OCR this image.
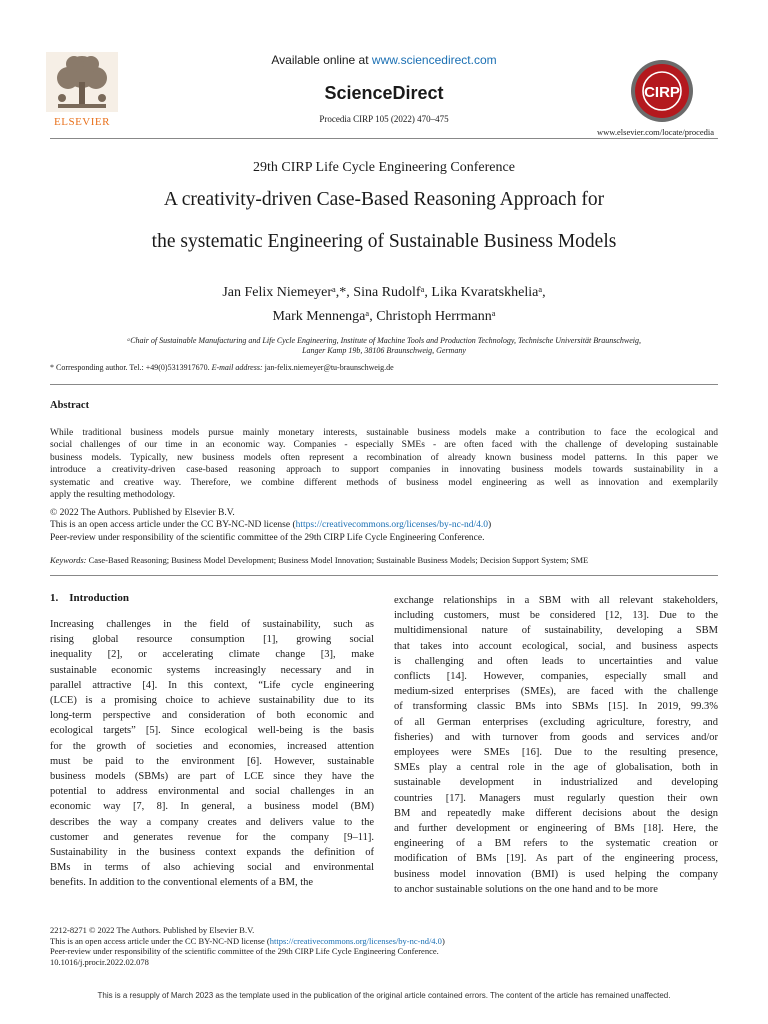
ELSEVIER
Available online at www.sciencedirect.com
ScienceDirect
Procedia CIRP 105 (2022) 470–475
CIRP
www.elsevier.com/locate/procedia
29th CIRP Life Cycle Engineering Conference
A creativity-driven Case-Based Reasoning Approach for
the systematic Engineering of Sustainable Business Models
Jan Felix Niemeyerᵃ,*, Sina Rudolfᵃ, Lika Kvaratskheliaᵃ,
Mark Mennengaᵃ, Christoph Herrmannᵃ
ᵃChair of Sustainable Manufacturing and Life Cycle Engineering, Institute of Machine Tools and Production Technology, Technische Universität Braunschweig,
Langer Kamp 19b, 38106 Braunschweig, Germany
* Corresponding author. Tel.: +49(0)5313917670. E-mail address: jan-felix.niemeyer@tu-braunschweig.de
Abstract

While traditional business models pursue mainly monetary interests, sustainable business models make a contribution to face the ecological and

social challenges of our time in an economic way. Companies - especially SMEs - are often faced with the challenge of developing sustainable

business models. Typically, new business models often represent a recombination of already known business model patterns. In this paper we

introduce a creativity-driven case-based reasoning approach to support companies in innovating business models towards sustainability in a

systematic and creative way. Therefore, we combine different methods of business model engineering as well as innovation and exemplarily

apply the resulting methodology.

© 2022 The Authors. Published by Elsevier B.V.
This is an open access article under the CC BY-NC-ND license (https://creativecommons.org/licenses/by-nc-nd/4.0)
Peer-review under responsibility of the scientific committee of the 29th CIRP Life Cycle Engineering Conference.
Keywords: Case-Based Reasoning; Business Model Development; Business Model Innovation; Sustainable Business Models; Decision Support System; SME
1.    Introduction
Increasing challenges in the field of sustainability, such as
rising global resource consumption [1], growing social
inequality [2], or accelerating climate change [3], make
sustainable economic systems increasingly necessary and in
parallel attractive [4]. In this context, “Life cycle engineering
(LCE) is a promising choice to achieve sustainability due to its
long-term perspective and consideration of both economic and
ecological targets” [5]. Since ecological well-being is the basis
for the growth of societies and economies, increased attention
must be paid to the environment [6]. However, sustainable
business models (SBMs) are part of LCE since they have the
potential to address environmental and social challenges in an
economic way [7, 8]. In general, a business model (BM)
describes the way a company creates and delivers value to the
customer and generates revenue for the company [9–11].
Sustainability in the business context expands the definition of
BMs in terms of also achieving social and environmental
benefits. In addition to the conventional elements of a BM, the
exchange relationships in a SBM with all relevant stakeholders,
including customers, must be considered [12, 13]. Due to the
multidimensional nature of sustainability, developing a SBM
that takes into account ecological, social, and business aspects
is challenging and often leads to uncertainties and value
conflicts [14]. However, companies, especially small and
medium-sized enterprises (SMEs), are faced with the challenge
of transforming classic BMs into SBMs [15]. In 2019, 99.3%
of all German enterprises (excluding agriculture, forestry, and
fisheries) and with turnover from goods and services and/or
employees were SMEs [16]. Due to the resulting presence,
SMEs play a central role in the age of globalisation, both in
sustainable development in industrialized and developing
countries [17]. Managers must regularly question their own
BM and repeatedly make different decisions about the design
and further development or engineering of BMs [18]. Here, the
engineering of a BM refers to the systematic creation or
modification of BMs [19]. As part of the engineering process,
business model innovation (BMI) is used helping the company
to anchor sustainable solutions on the one hand and to be more
2212-8271 © 2022 The Authors. Published by Elsevier B.V.
This is an open access article under the CC BY-NC-ND license (https://creativecommons.org/licenses/by-nc-nd/4.0)
Peer-review under responsibility of the scientific committee of the 29th CIRP Life Cycle Engineering Conference.
10.1016/j.procir.2022.02.078
This is a resupply of March 2023 as the template used in the publication of the original article contained errors. The content of the article has remained unaffected.
